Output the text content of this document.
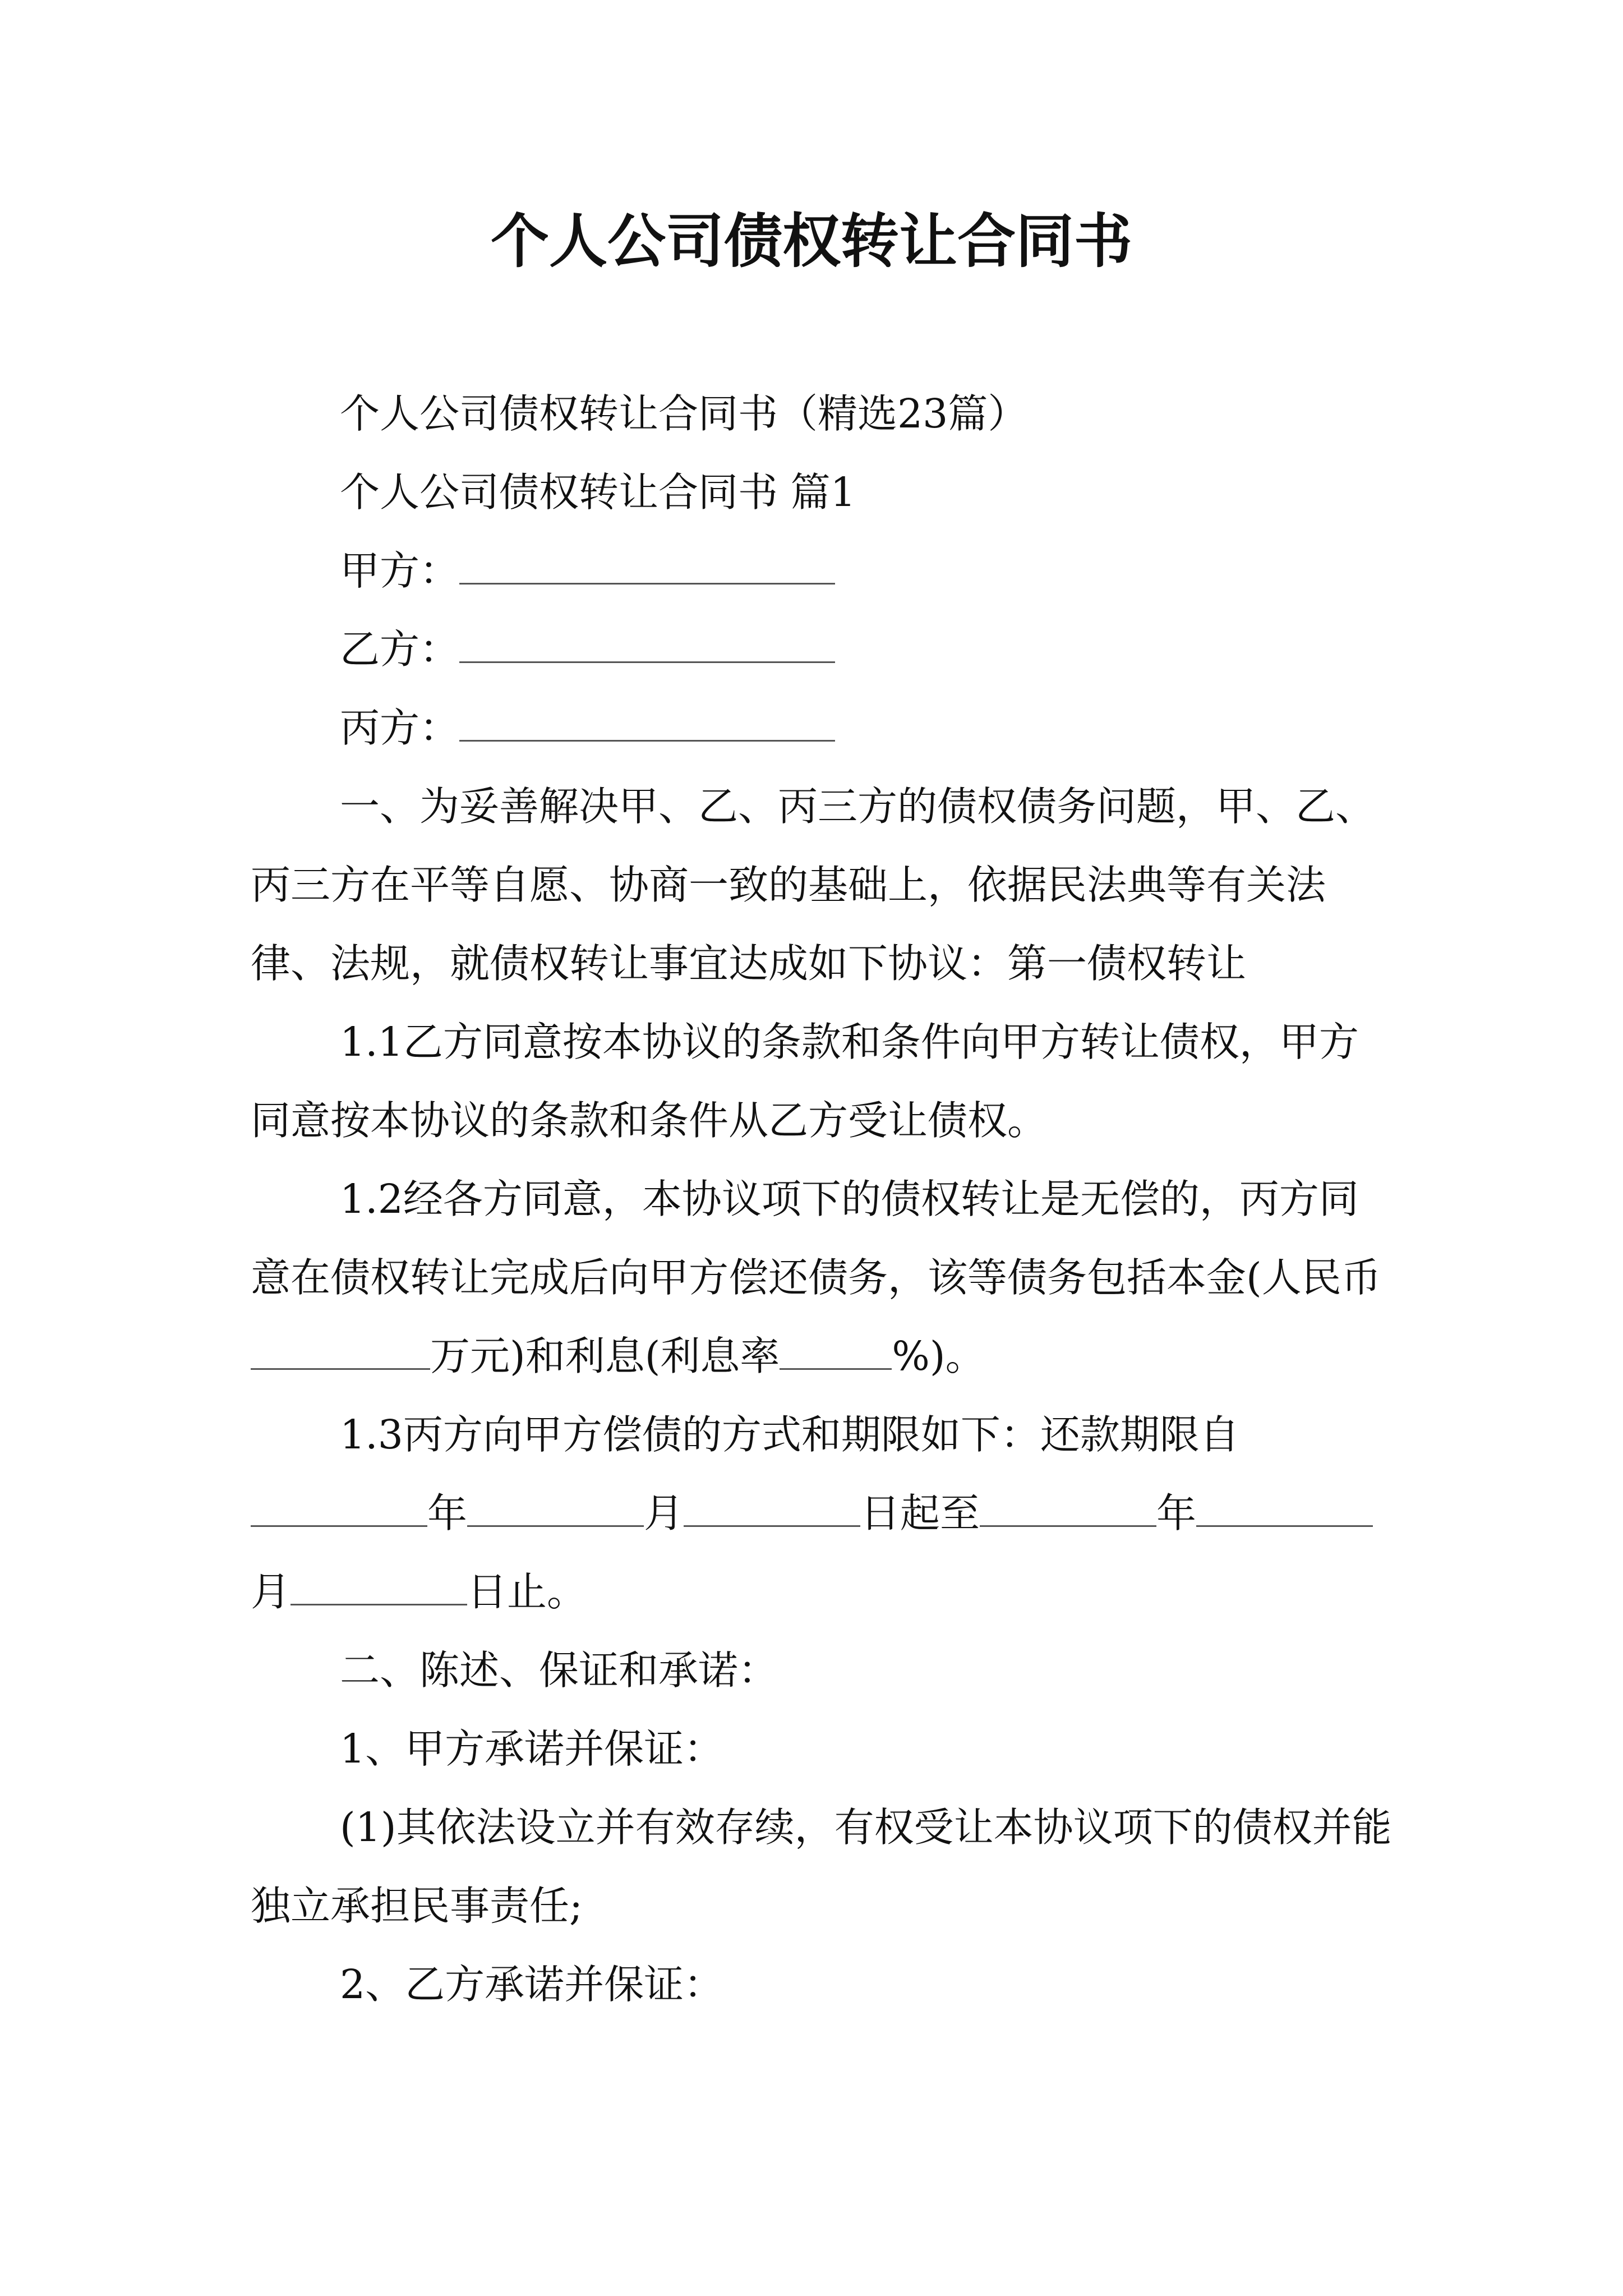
个人公司债权转让合同书

个人公司债权转让合同书（精选23篇）

个人公司债权转让合同书 篇1

甲方：

乙方：

丙方：

一、为妥善解决甲、乙、丙三方的债权债务问题，甲、乙、丙三方在平等自愿、协商一致的基础上，依据民法典等有关法律、法规，就债权转让事宜达成如下协议：第一债权转让

1.1乙方同意按本协议的条款和条件向甲方转让债权，甲方同意按本协议的条款和条件从乙方受让债权。

1.2经各方同意，本协议项下的债权转让是无偿的，丙方同意在债权转让完成后向甲方偿还债务，该等债务包括本金(人民币万元)和利息(利息率	%)。

1.3丙方向甲方偿债的方式和期限如下：还款期限自

年	月	日起至	年

月	日止。

二、陈述、保证和承诺：

1、甲方承诺并保证：

(1)其依法设立并有效存续，有权受让本协议项下的债权并能独立承担民事责任;

2、乙方承诺并保证：
